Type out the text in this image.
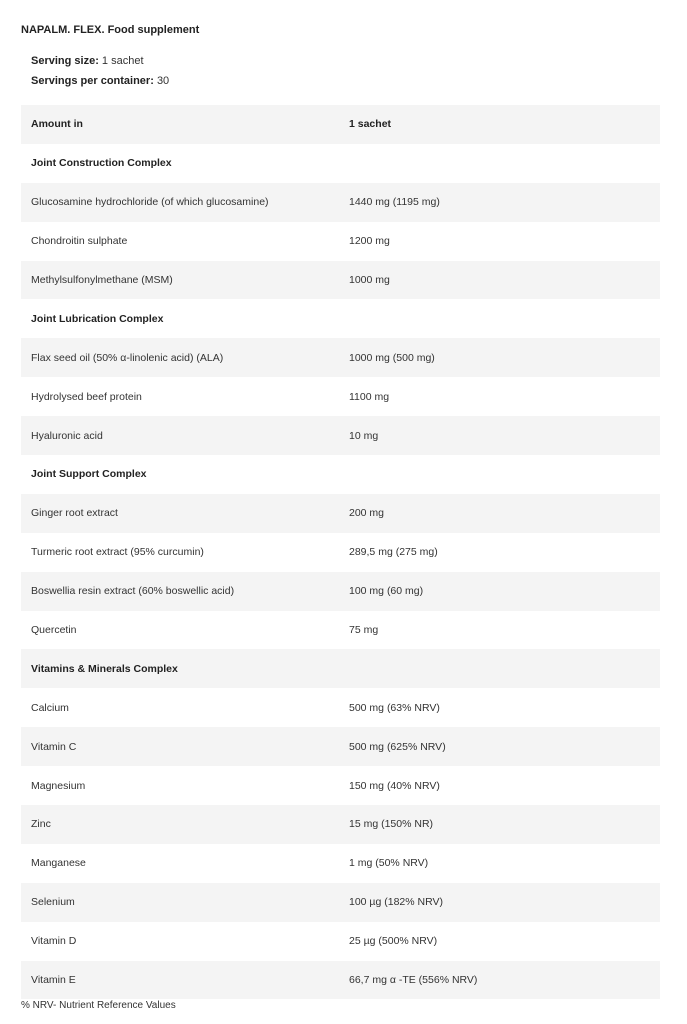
NAPALM. FLEX. Food supplement
Serving size: 1 sachet
Servings per container: 30
Amount in	1 sachet
Joint Construction Complex
Glucosamine hydrochloride (of which glucosamine)	1440 mg (1195 mg)
Chondroitin sulphate	1200 mg
Methylsulfonylmethane (MSM)	1000 mg
Joint Lubrication Complex
Flax seed oil (50% α-linolenic acid) (ALA)	1000 mg (500 mg)
Hydrolysed beef protein	1100 mg
Hyaluronic acid	10 mg
Joint Support Complex
Ginger root extract	200 mg
Turmeric root extract (95% curcumin)	289,5 mg (275 mg)
Boswellia resin extract (60% boswellic acid)	100 mg (60 mg)
Quercetin	75 mg
Vitamins & Minerals Complex
Calcium	500 mg (63% NRV)
Vitamin C	500 mg (625% NRV)
Magnesium	150 mg (40% NRV)
Zinc	15 mg (150% NR)
Manganese	1 mg (50% NRV)
Selenium	100 µg (182% NRV)
Vitamin D	25 µg (500% NRV)
Vitamin E	66,7 mg α -TE (556% NRV)
% NRV- Nutrient Reference Values
